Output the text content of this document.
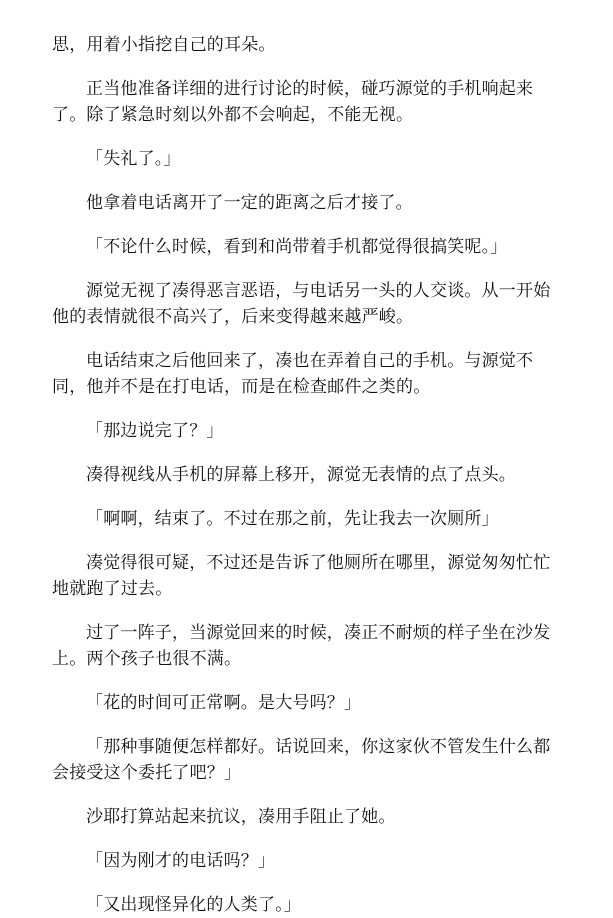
思，用着小指挖自己的耳朵。

正当他准备详细的进行讨论的时候，碰巧源觉的手机响起来了。除了紧急时刻以外都不会响起，不能无视。

「失礼了。」

他拿着电话离开了一定的距离之后才接了。

「不论什么时候，看到和尚带着手机都觉得很搞笑呢。」

源觉无视了凑得恶言恶语，与电话另一头的人交谈。从一开始他的表情就很不高兴了，后来变得越来越严峻。

电话结束之后他回来了，凑也在弄着自己的手机。与源觉不同，他并不是在打电话，而是在检查邮件之类的。

「那边说完了？」

凑得视线从手机的屏幕上移开，源觉无表情的点了点头。

「啊啊，结束了。不过在那之前，先让我去一次厕所」

凑觉得很可疑，不过还是告诉了他厕所在哪里，源觉匆匆忙忙地就跑了过去。

过了一阵子，当源觉回来的时候，凑正不耐烦的样子坐在沙发上。两个孩子也很不满。

「花的时间可正常啊。是大号吗？」

「那种事随便怎样都好。话说回来，你这家伙不管发生什么都会接受这个委托了吧？」

沙耶打算站起来抗议，凑用手阻止了她。

「因为刚才的电话吗？」

「又出现怪异化的人类了。」
